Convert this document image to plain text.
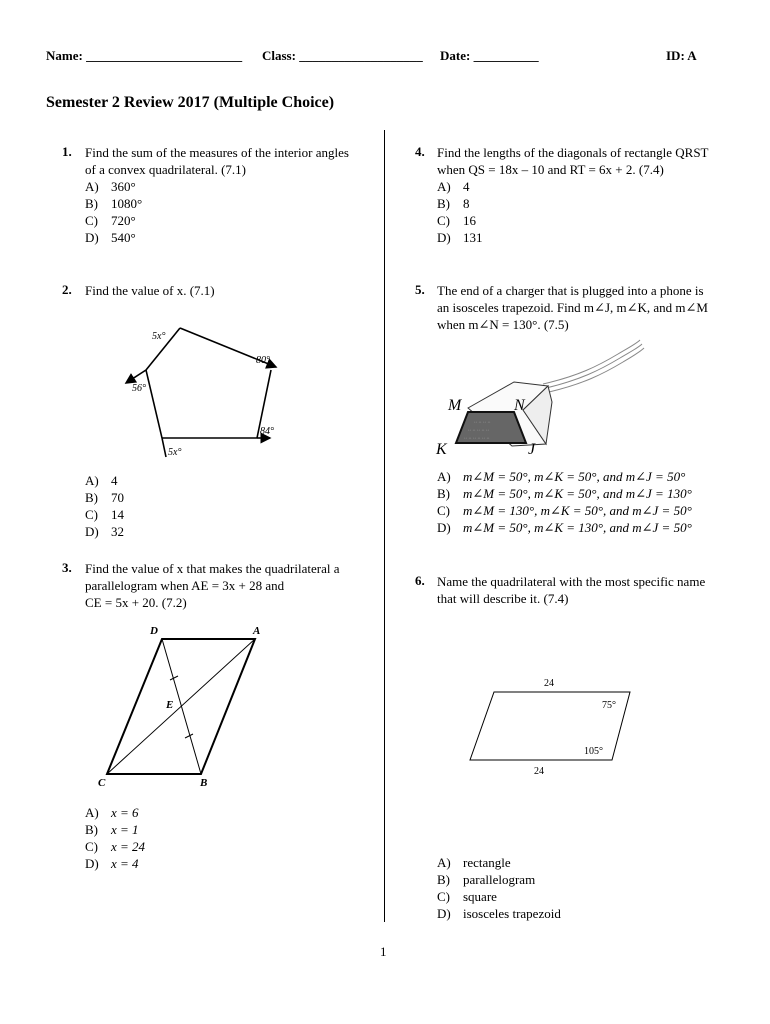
Name: ________________________ Class: ___________________ Date: __________	ID: A
Semester 2 Review 2017 (Multiple Choice)
1. Find the sum of the measures of the interior angles
of a convex quadrilateral. (7.1)
A) 360°
B) 1080°
C) 720°
D) 540°
2. Find the value of x. (7.1)
5x°
80°
56°
84°
5x°
A) 4
B) 70
C) 14
D) 32
3. Find the value of x that makes the quadrilateral a
parallelogram when AE = 3x + 28 and
CE = 5x + 20. (7.2)
D	A
E
C	B
A) x = 6
B) x = 1
C) x = 24
D) x = 4
4. Find the lengths of the diagonals of rectangle QRST
when QS = 18x – 10 and RT = 6x + 2. (7.4)
A) 4
B) 8
C) 16
D) 131
5. The end of a charger that is plugged into a phone is
an isosceles trapezoid. Find m∠J, m∠K, and m∠M
when m∠N = 130°. (7.5)
∙∙ ∙∙ ∙∙ ∙∙
∙∙ ∙∙ ∙∙ ∙∙ ∙∙
∙∙ ∙∙ ∙∙ ∙∙ ∙∙ ∙∙
M	N
K	J
A) m∠M = 50°, m∠K = 50°, and m∠J = 50°
B) m∠M = 50°, m∠K = 50°, and m∠J = 130°
C) m∠M = 130°, m∠K = 50°, and m∠J = 50°
D) m∠M = 50°, m∠K = 130°, and m∠J = 50°
6. Name the quadrilateral with the most specific name
that will describe it. (7.4)
24
75°
105°
24
A) rectangle
B) parallelogram
C) square
D) isosceles trapezoid
1
